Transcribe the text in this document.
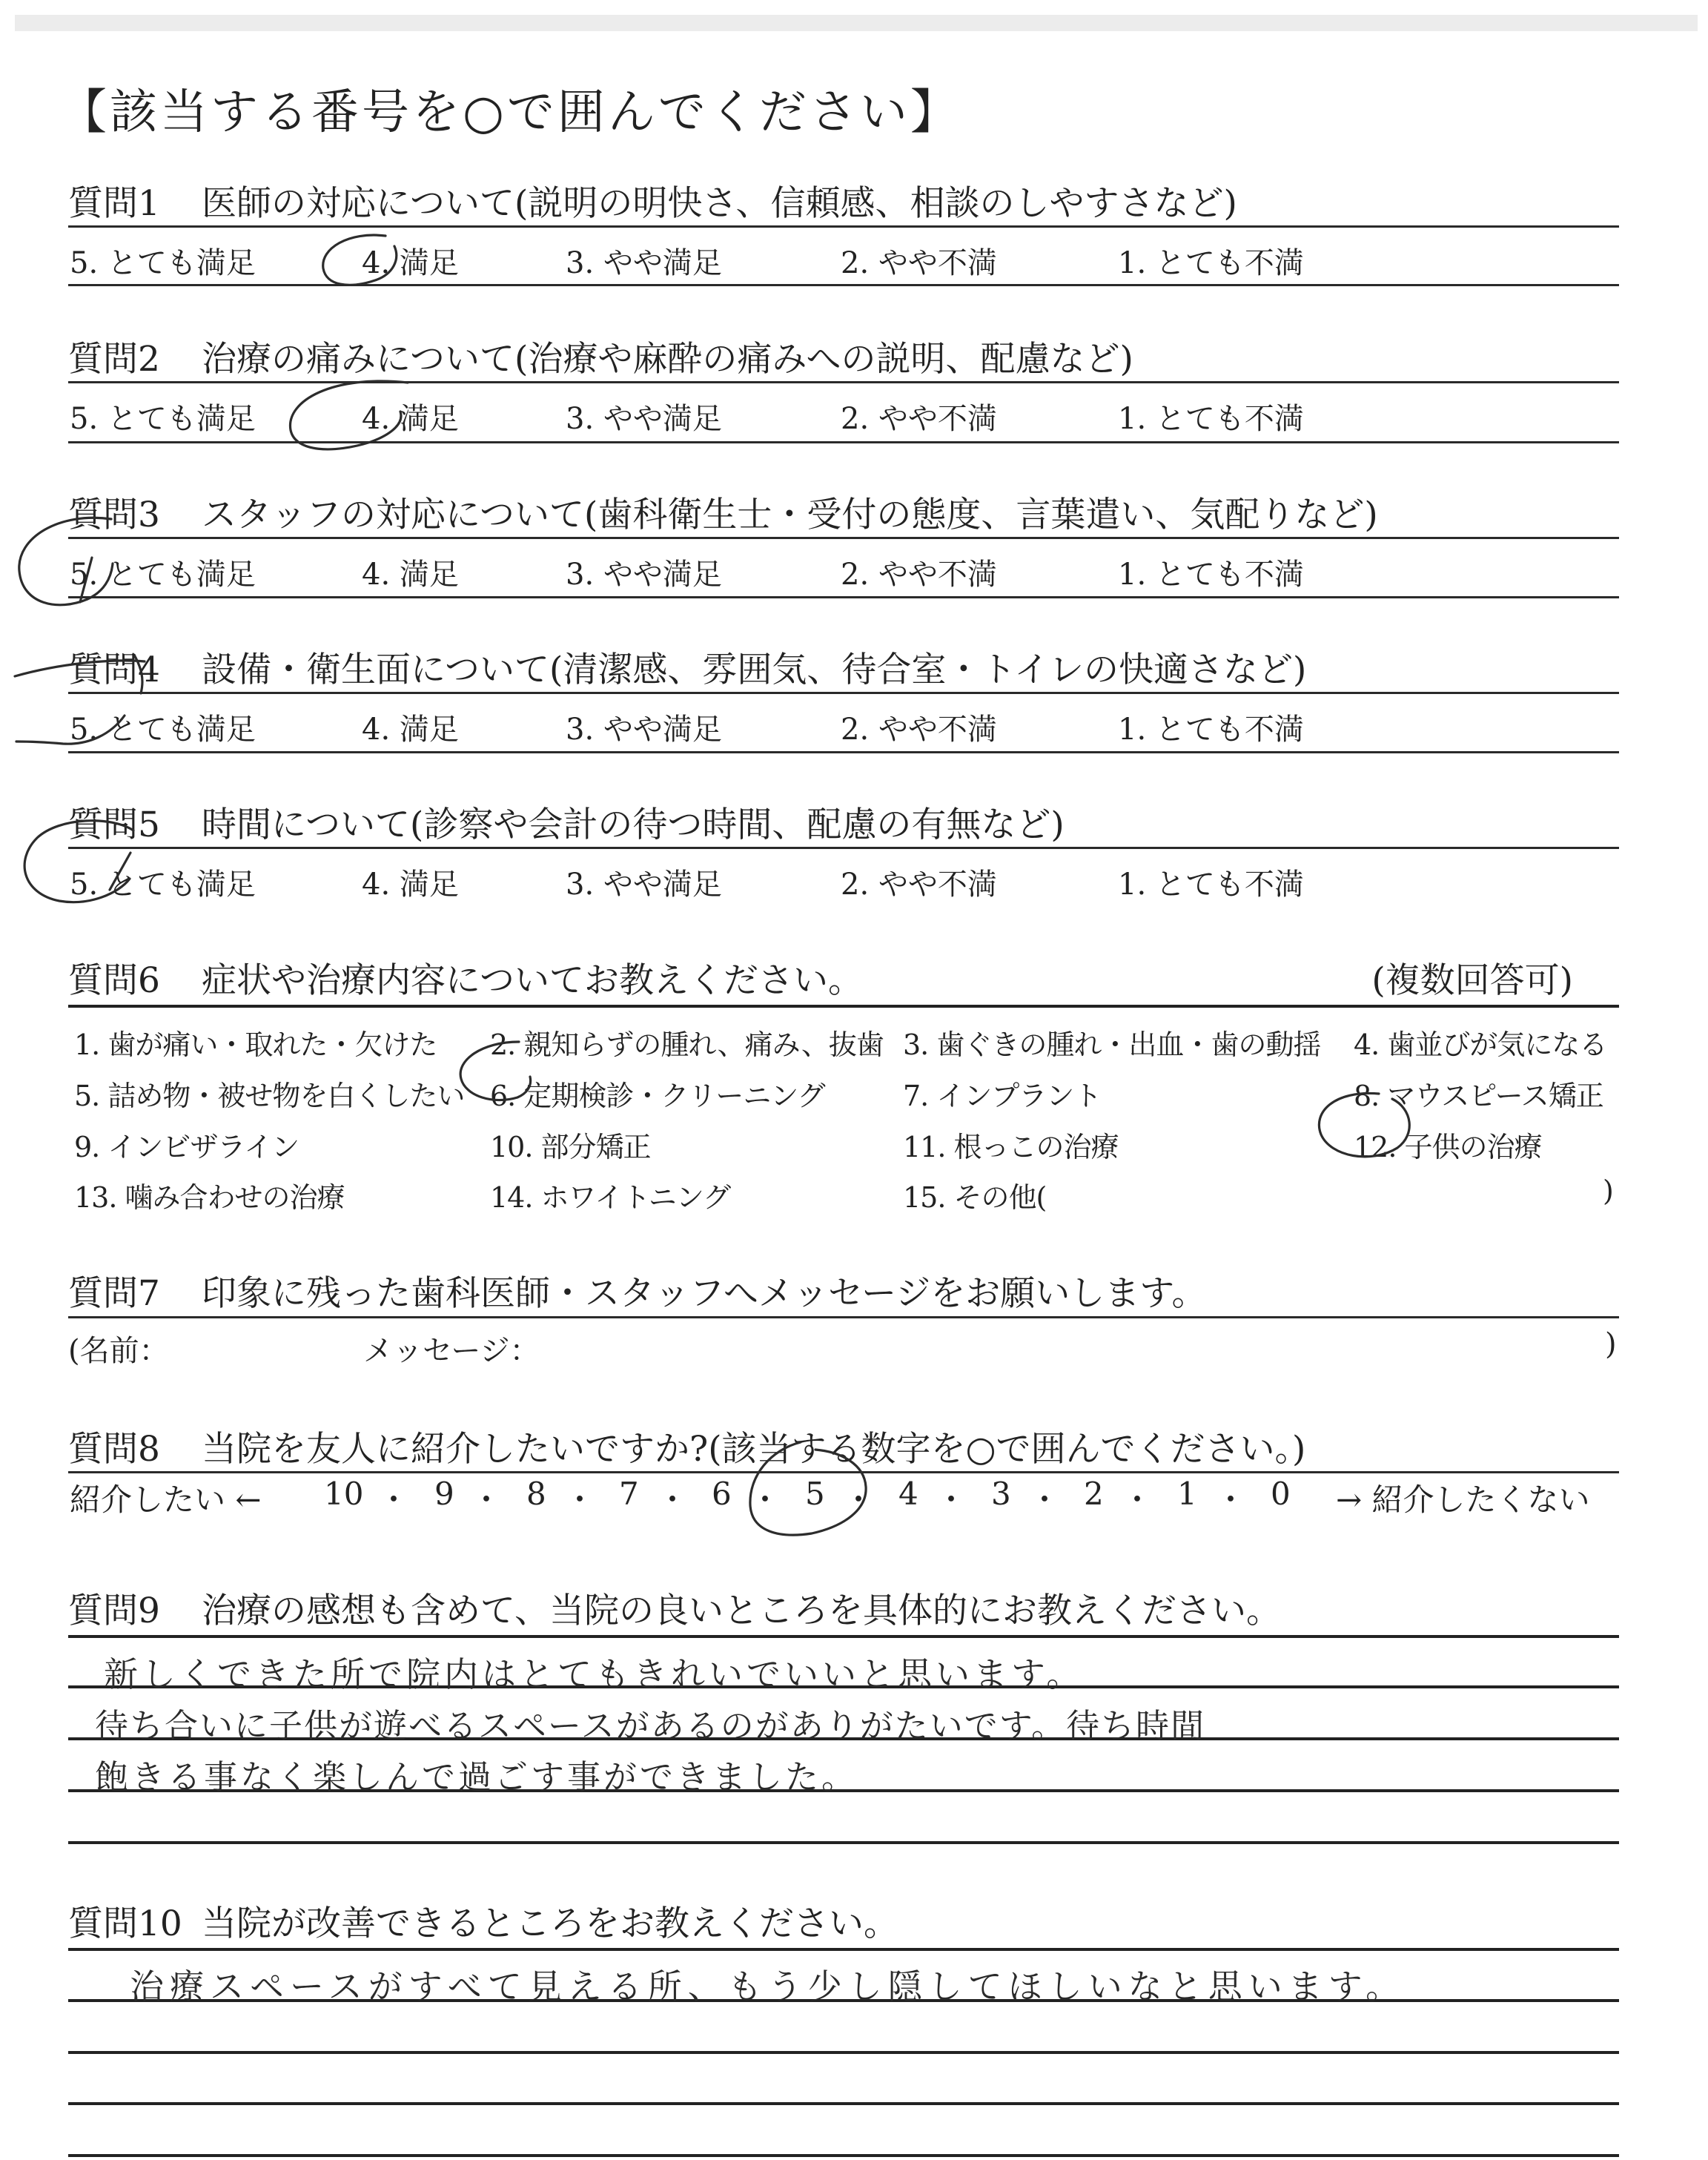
【該当する番号を○で囲んでください】
質問1 医師の対応について(説明の明快さ、信頼感、相談のしやすさなど)
5. とても満足	4. 満足	3. やや満足	2. やや不満	1. とても不満
質問2 治療の痛みについて(治療や麻酔の痛みへの説明、配慮など)
5. とても満足	4. 満足	3. やや満足	2. やや不満	1. とても不満
質問3 スタッフの対応について(歯科衛生士・受付の態度、言葉遣い、気配りなど)
5. とても満足	4. 満足	3. やや満足	2. やや不満	1. とても不満
質問4 設備・衛生面について(清潔感、雰囲気、待合室・トイレの快適さなど)
5. とても満足	4. 満足	3. やや満足	2. やや不満	1. とても不満
質問5 時間について(診察や会計の待つ時間、配慮の有無など)
5. とても満足	4. 満足	3. やや満足	2. やや不満	1. とても不満
質問6 症状や治療内容についてお教えください。	(複数回答可)
1. 歯が痛い・取れた・欠けた 2. 親知らずの腫れ、痛み、抜歯 3. 歯ぐきの腫れ・出血・歯の動揺 4. 歯並びが気になる
5. 詰め物・被せ物を白くしたい 6. 定期検診・クリーニング	7. インプラント	8. マウスピース矯正
9. インビザライン	10. 部分矯正	11. 根っこの治療	12. 子供の治療
13. 噛み合わせの治療	14. ホワイトニング	15. その他(	)
質問7 印象に残った歯科医師・スタッフへメッセージをお願いします。
(名前：	メッセージ：	)
質問8 当院を友人に紹介したいですか?(該当する数字を○で囲んでください。)
紹介したい ← 10 ・ 9 ・ 8 ・ 7 ・ 6 ・ 5 ・ 4 ・ 3 ・ 2 ・ 1 ・ 0 → 紹介したくない
質問9 治療の感想も含めて、当院の良いところを具体的にお教えください。
新しくできた所で院内はとてもきれいでいいと思います。
待ち合いに子供が遊べるスペースがあるのがありがたいです。待ち時間
飽きる事なく楽しんで過ごす事ができました。
質問10 当院が改善できるところをお教えください。
治療スペースがすべて見える所、もう少し隠してほしいなと思います。
